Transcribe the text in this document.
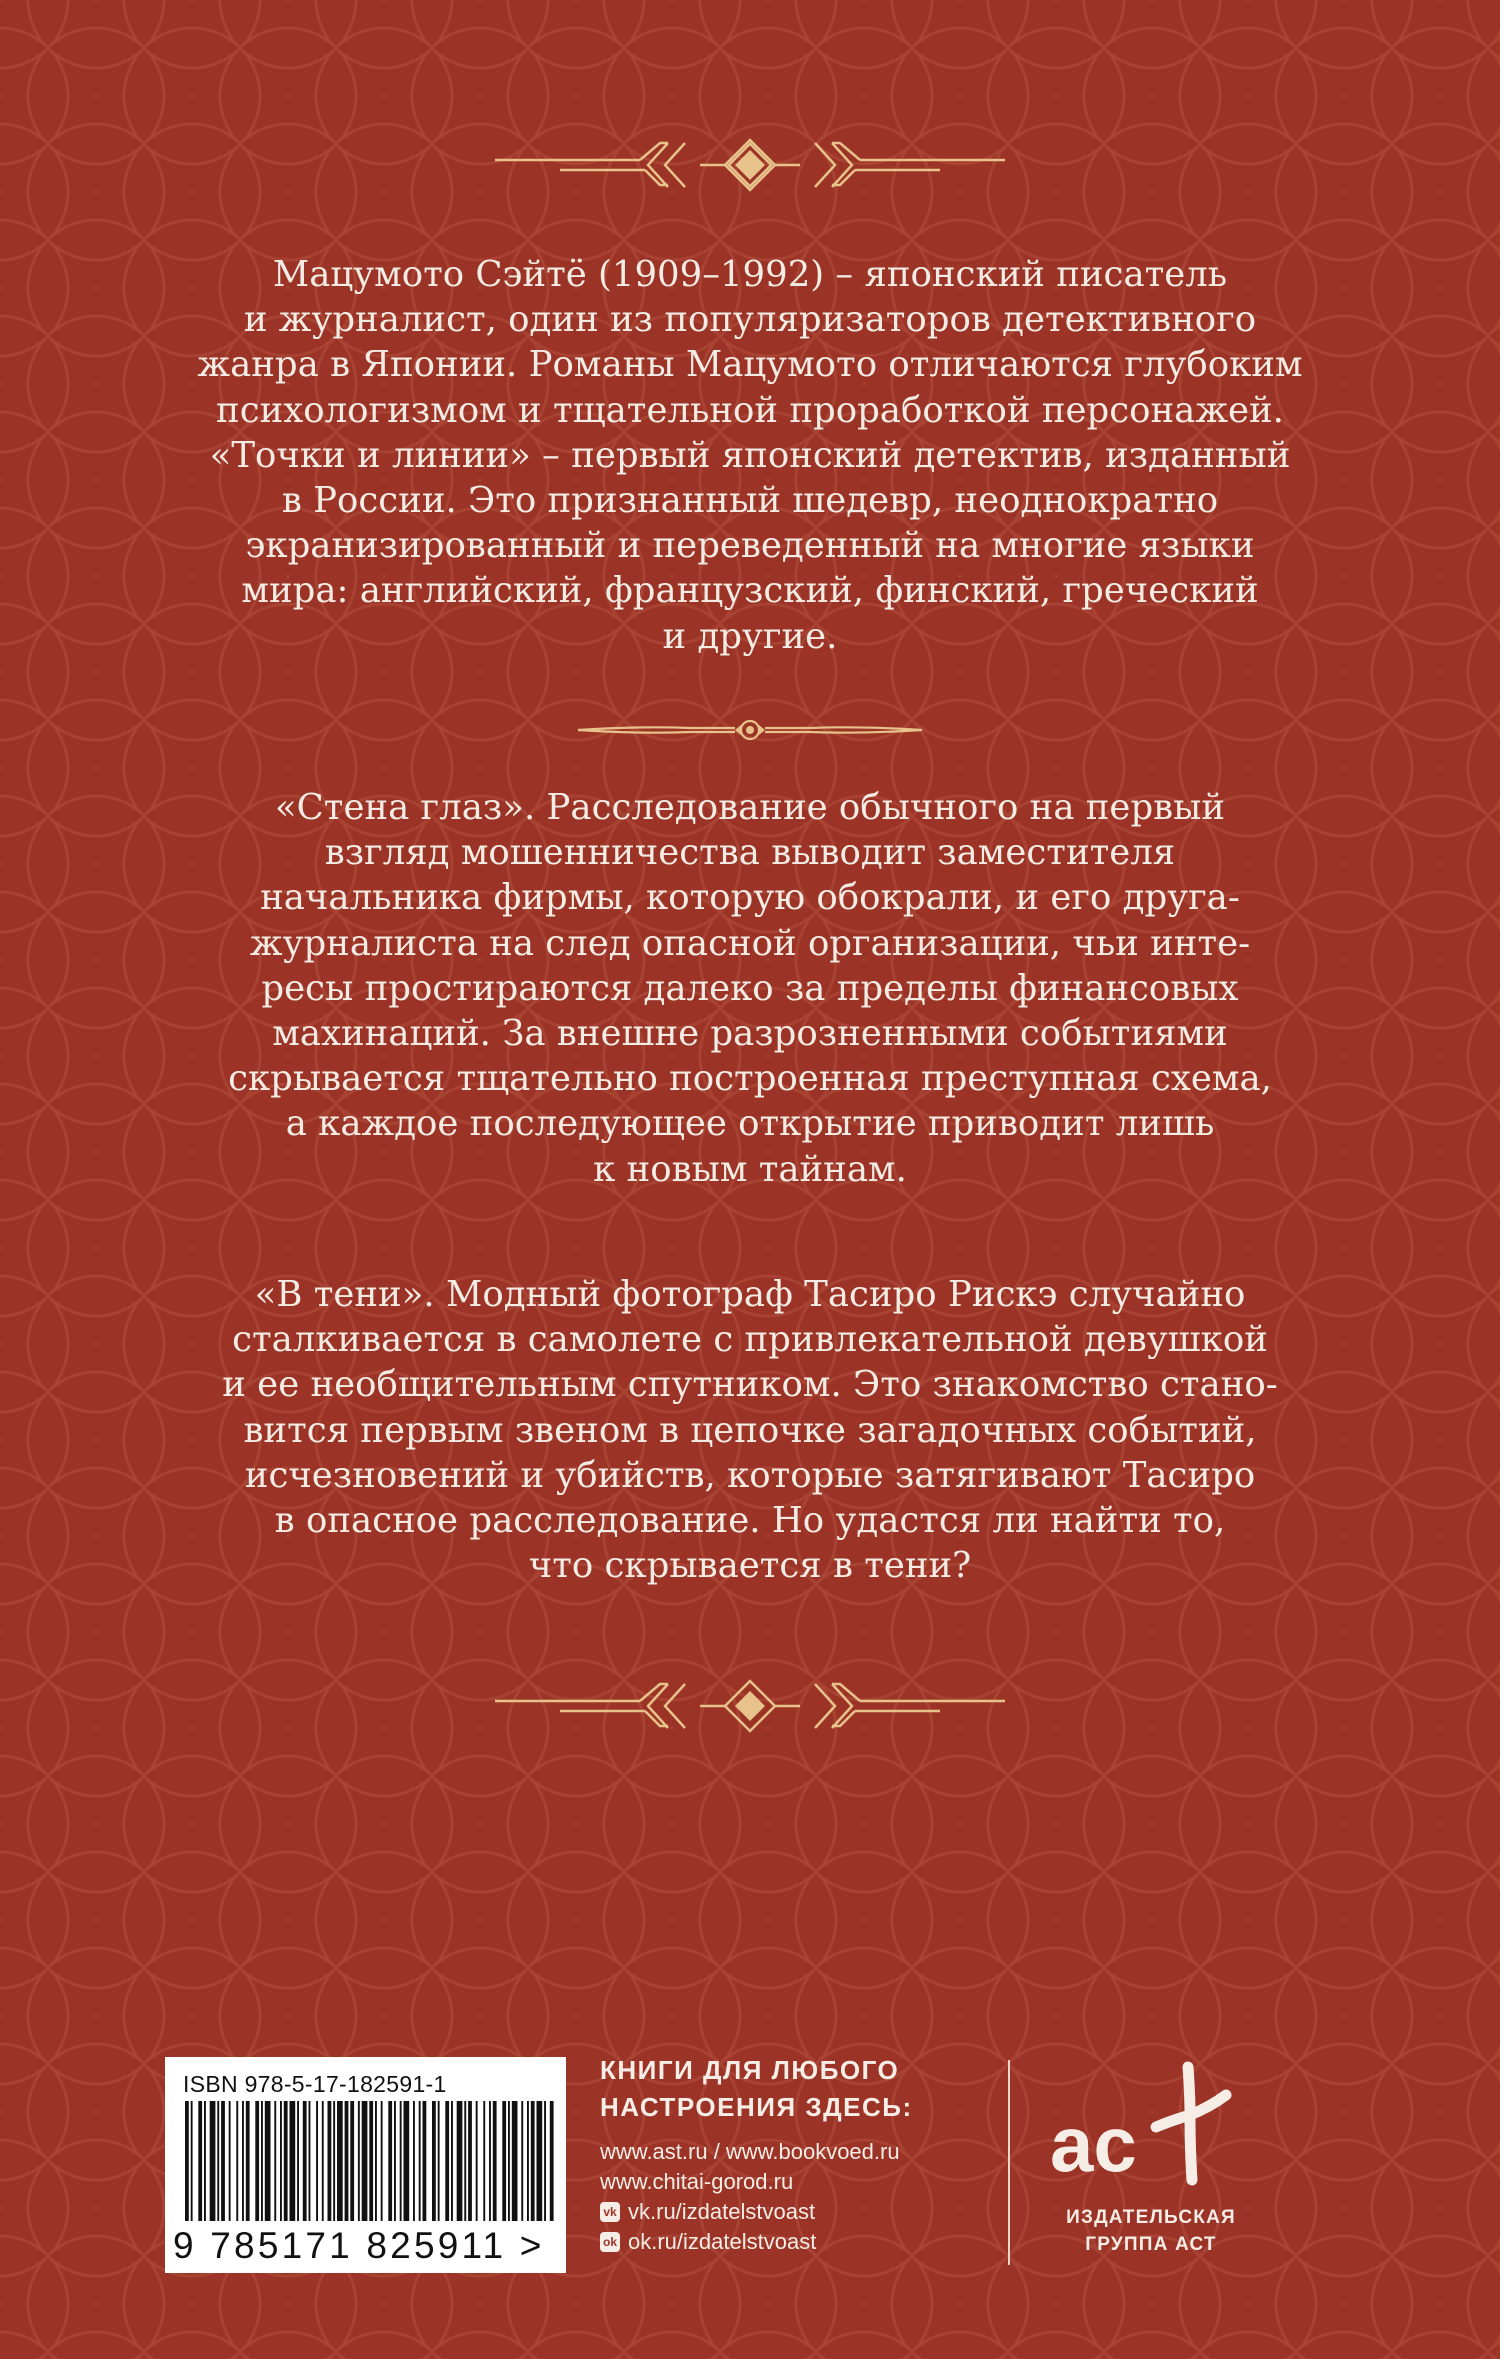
Мацумото Сэйтё (1909–1992) – японский писатель
и журналист, один из популяризаторов детективного
жанра в Японии. Романы Мацумото отличаются глубоким
психологизмом и тщательной проработкой персонажей.
«Точки и линии» – первый японский детектив, изданный
в России. Это признанный шедевр, неоднократно
экранизированный и переведенный на многие языки
мира: английский, французский, финский, греческий
и другие.

«Стена глаз». Расследование обычного на первый
взгляд мошенничества выводит заместителя
начальника фирмы, которую обокрали, и его друга-
журналиста на след опасной организации, чьи инте-
ресы простираются далеко за пределы финансовых
махинаций. За внешне разрозненными событиями
скрывается тщательно построенная преступная схема,
а каждое последующее открытие приводит лишь
к новым тайнам.

«В тени». Модный фотограф Тасиро Рискэ случайно
сталкивается в самолете с привлекательной девушкой
и ее необщительным спутником. Это знакомство стано-
вится первым звеном в цепочке загадочных событий,
исчезновений и убийств, которые затягивают Тасиро
в опасное расследование. Но удастся ли найти то,
что скрывается в тени?

ISBN 978-5-17-182591-1
9 785171 825911 >
КНИГИ ДЛЯ ЛЮБОГО
НАСТРОЕНИЯ ЗДЕСЬ:
www.ast.ru / www.bookvoed.ru
www.chitai-gorod.ru
vk vk.ru/izdatelstvoast
ok ok.ru/izdatelstvoast
ас
ИЗДАТЕЛЬСКАЯ
ГРУППА АСТ
